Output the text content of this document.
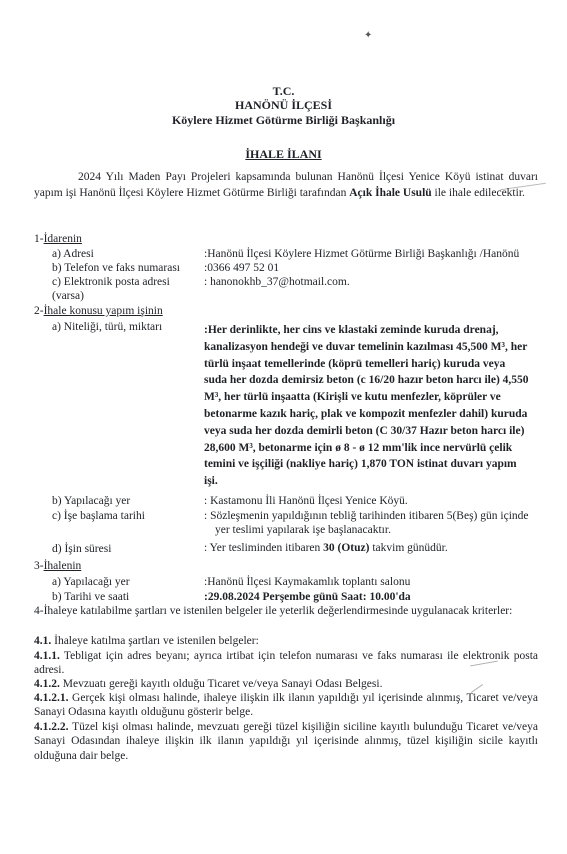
✦
T.C.
HANÖNÜ İLÇESİ
Köylere Hizmet Götürme Birliği Başkanlığı
İHALE İLANI
2024 Yılı Maden Payı Projeleri kapsamında bulunan Hanönü İlçesi Yenice Köyü istinat duvarı yapım işi Hanönü İlçesi Köylere Hizmet Götürme Birliği tarafından Açık İhale Usulü ile ihale edilecektir.
1-İdarenin
a) Adresi	:Hanönü İlçesi Köylere Hizmet Götürme Birliği Başkanlığı /Hanönü
b) Telefon ve faks numarası :0366 497 52 01
c) Elektronik posta adresi	: hanonokhb_37@hotmail.com.
(varsa)
2-İhale konusu yapım işinin
a) Niteliği, türü, miktarı	:Her derinlikte, her cins ve klastaki zeminde kuruda drenaj,
kanalizasyon hendeği ve duvar temelinin kazılması 45,500 M³, her
türlü inşaat temellerinde (köprü temelleri hariç) kuruda veya
suda her dozda demirsiz beton (c 16/20 hazır beton harcı ile) 4,550
M³, her türlü inşaatta (Kirişli ve kutu menfezler, köprüler ve
betonarme kazık hariç, plak ve kompozit menfezler dahil) kuruda
veya suda her dozda demirli beton (C 30/37 Hazır beton harcı ile)
28,600 M³, betonarme için ø 8 - ø 12 mm'lik ince nervürlü çelik
temini ve işçiliği (nakliye hariç) 1,870 TON istinat duvarı yapım
işi.
b) Yapılacağı yer	: Kastamonu İli Hanönü İlçesi Yenice Köyü.
c) İşe başlama tarihi	: Sözleşmenin yapıldığının tebliğ tarihinden itibaren 5(Beş) gün içinde
yer teslimi yapılarak işe başlanacaktır.
d) İşin süresi	: Yer tesliminden itibaren 30 (Otuz) takvim günüdür.
3-İhalenin
a) Yapılacağı yer	:Hanönü İlçesi Kaymakamlık toplantı salonu
b) Tarihi ve saati	:29.08.2024 Perşembe günü Saat: 10.00'da
4-İhaleye katılabilme şartları ve istenilen belgeler ile yeterlik değerlendirmesinde uygulanacak kriterler:
4.1. İhaleye katılma şartları ve istenilen belgeler:
4.1.1. Tebligat için adres beyanı; ayrıca irtibat için telefon numarası ve faks numarası ile elektronik posta adresi.
4.1.2. Mevzuatı gereği kayıtlı olduğu Ticaret ve/veya Sanayi Odası Belgesi.
4.1.2.1. Gerçek kişi olması halinde, ihaleye ilişkin ilk ilanın yapıldığı yıl içerisinde alınmış, Ticaret ve/veya Sanayi Odasına kayıtlı olduğunu gösterir belge.
4.1.2.2. Tüzel kişi olması halinde, mevzuatı gereği tüzel kişiliğin siciline kayıtlı bulunduğu Ticaret ve/veya Sanayi Odasından ihaleye ilişkin ilk ilanın yapıldığı yıl içerisinde alınmış, tüzel kişiliğin sicile kayıtlı olduğuna dair belge.
